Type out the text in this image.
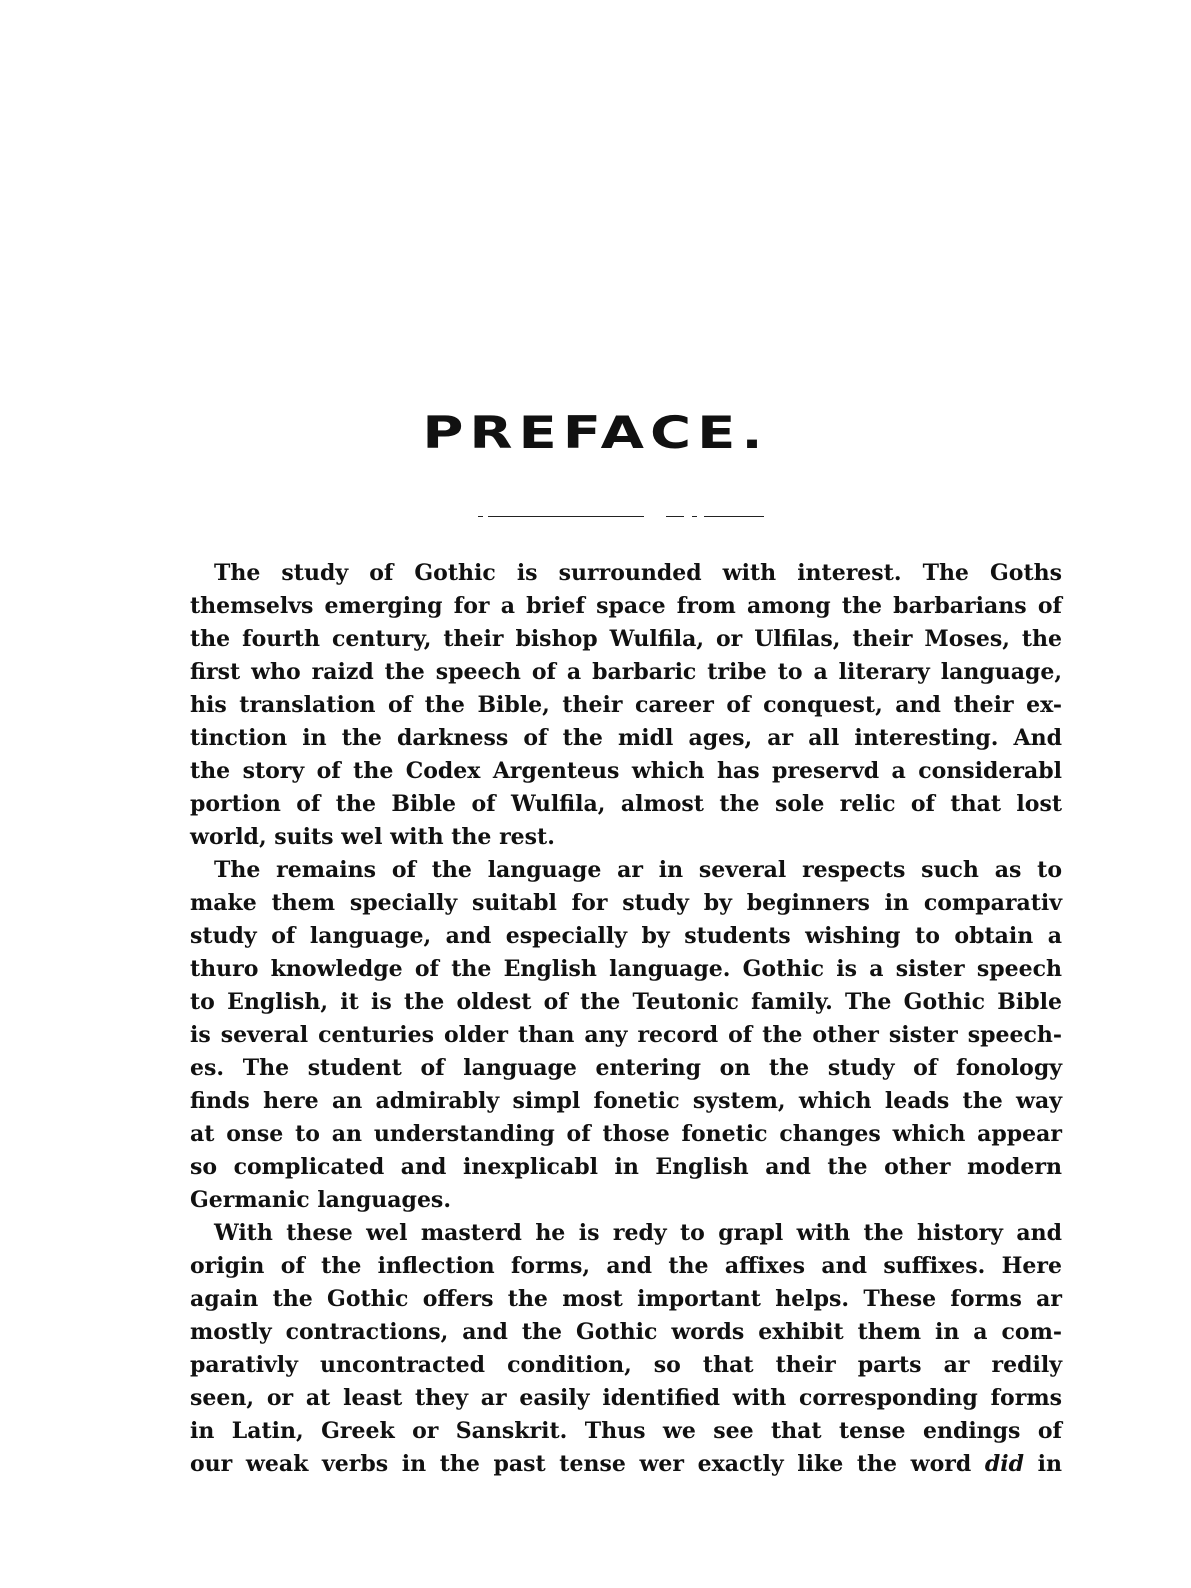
PREFACE.
The study of Gothic is surrounded with interest. The Goths
themselvs emerging for a brief space from among the barbarians of
the fourth century, their bishop Wulfila, or Ulfilas, their Moses, the
first who raizd the speech of a barbaric tribe to a literary language,
his translation of the Bible, their career of conquest, and their ex-
tinction in the darkness of the midl ages, ar all interesting. And
the story of the Codex Argenteus which has preservd a considerabl
portion of the Bible of Wulfila, almost the sole relic of that lost
world, suits wel with the rest.
The remains of the language ar in several respects such as to
make them specially suitabl for study by beginners in comparativ
study of language, and especially by students wishing to obtain a
thuro knowledge of the English language. Gothic is a sister speech
to English, it is the oldest of the Teutonic family. The Gothic Bible
is several centuries older than any record of the other sister speech-
es. The student of language entering on the study of fonology
finds here an admirably simpl fonetic system, which leads the way
at onse to an understanding of those fonetic changes which appear
so complicated and inexplicabl in English and the other modern
Germanic languages.
With these wel masterd he is redy to grapl with the history and
origin of the inflection forms, and the affixes and suffixes. Here
again the Gothic offers the most important helps. These forms ar
mostly contractions, and the Gothic words exhibit them in a com-
parativly uncontracted condition, so that their parts ar redily
seen, or at least they ar easily identified with corresponding forms
in Latin, Greek or Sanskrit. Thus we see that tense endings of
our weak verbs in the past tense wer exactly like the word did in
